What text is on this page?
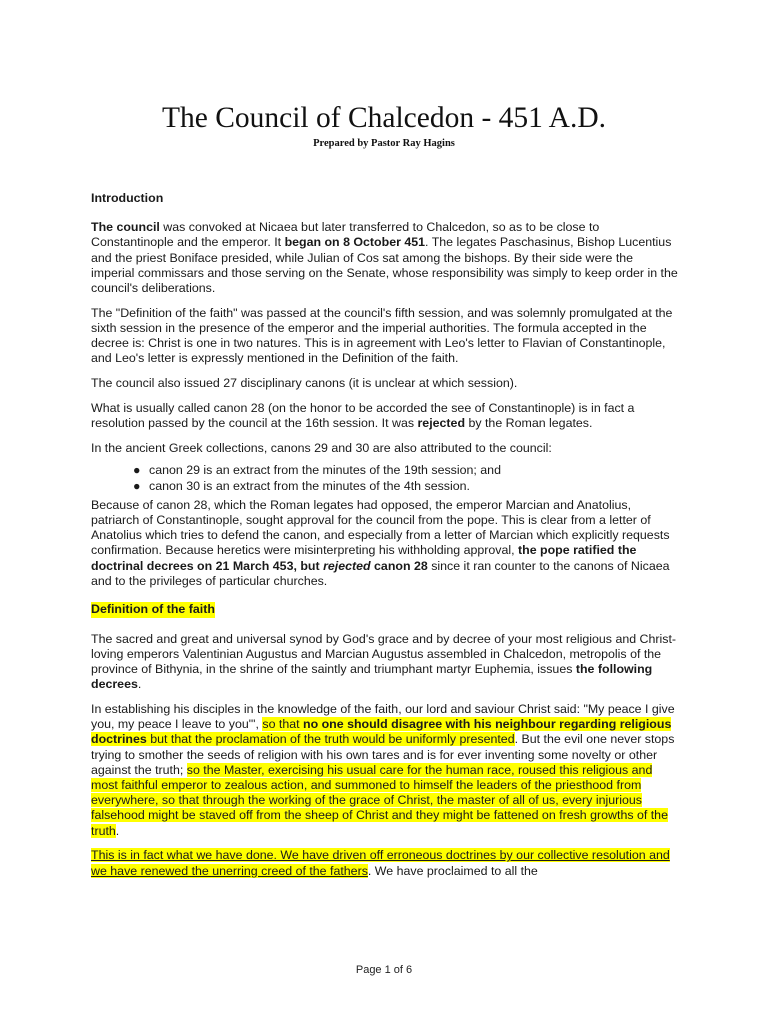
The Council of Chalcedon - 451 A.D.
Prepared by Pastor Ray Hagins
Introduction

The council was convoked at Nicaea but later transferred to Chalcedon, so as to be close to Constantinople and the emperor. It began on 8 October 451. The legates Paschasinus, Bishop Lucentius and the priest Boniface presided, while Julian of Cos sat among the bishops. By their side were the imperial commissars and those serving on the Senate, whose responsibility was simply to keep order in the council's deliberations.

The "Definition of the faith" was passed at the council's fifth session, and was solemnly promulgated at the sixth session in the presence of the emperor and the imperial authorities. The formula accepted in the decree is: Christ is one in two natures. This is in agreement with Leo's letter to Flavian of Constantinople, and Leo's letter is expressly mentioned in the Definition of the faith.

The council also issued 27 disciplinary canons (it is unclear at which session).

What is usually called canon 28 (on the honor to be accorded the see of Constantinople) is in fact a resolution passed by the council at the 16th session. It was rejected by the Roman legates.

In the ancient Greek collections, canons 29 and 30 are also attributed to the council:

● canon 29 is an extract from the minutes of the 19th session; and
● canon 30 is an extract from the minutes of the 4th session.

Because of canon 28, which the Roman legates had opposed, the emperor Marcian and Anatolius, patriarch of Constantinople, sought approval for the council from the pope. This is clear from a letter of Anatolius which tries to defend the canon, and especially from a letter of Marcian which explicitly requests confirmation. Because heretics were misinterpreting his withholding approval, the pope ratified the doctrinal decrees on 21 March 453, but rejected canon 28 since it ran counter to the canons of Nicaea and to the privileges of particular churches.

Definition of the faith

The sacred and great and universal synod by God's grace and by decree of your most religious and Christ-loving emperors Valentinian Augustus and Marcian Augustus assembled in Chalcedon, metropolis of the province of Bithynia, in the shrine of the saintly and triumphant martyr Euphemia, issues the following decrees.

In establishing his disciples in the knowledge of the faith, our lord and saviour Christ said: "My peace I give you, my peace I leave to you"', so that no one should disagree with his neighbour regarding religious doctrines but that the proclamation of the truth would be uniformly presented. But the evil one never stops trying to smother the seeds of religion with his own tares and is for ever inventing some novelty or other against the truth; so the Master, exercising his usual care for the human race, roused this religious and most faithful emperor to zealous action, and summoned to himself the leaders of the priesthood from everywhere, so that through the working of the grace of Christ, the master of all of us, every injurious falsehood might be staved off from the sheep of Christ and they might be fattened on fresh growths of the truth.

This is in fact what we have done. We have driven off erroneous doctrines by our collective resolution and we have renewed the unerring creed of the fathers. We have proclaimed to all the

Page 1 of 6
